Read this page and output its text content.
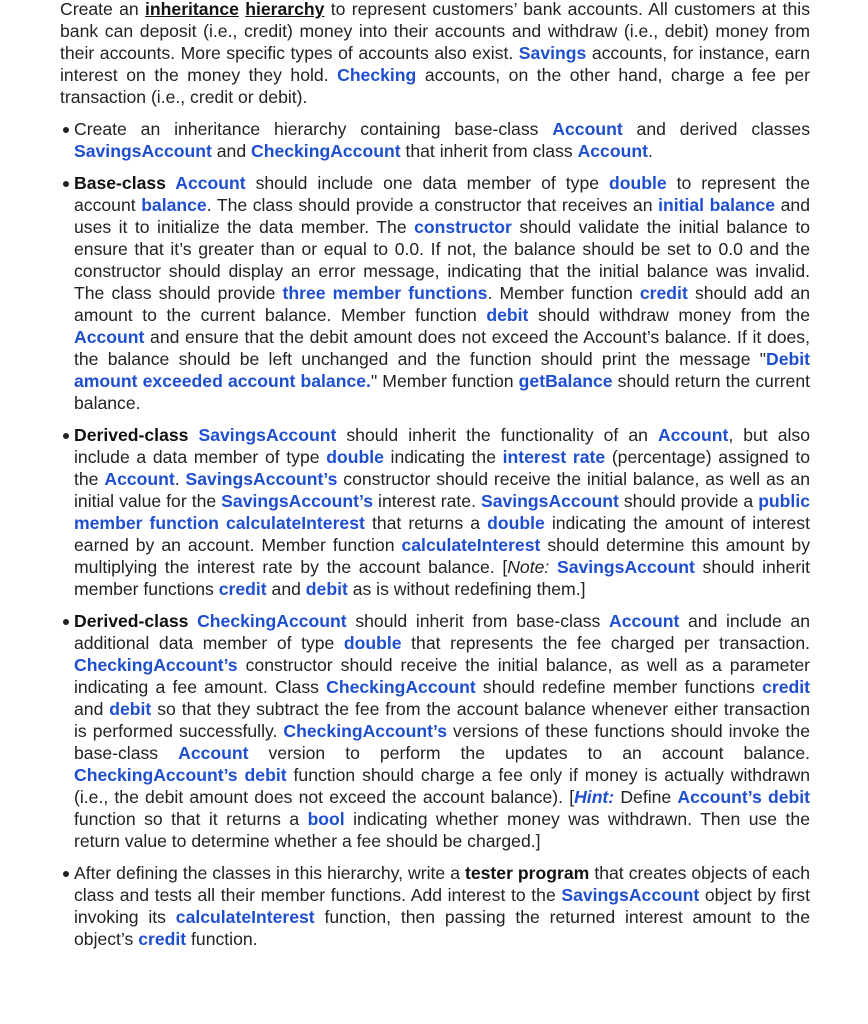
Create an inheritance hierarchy to represent customers’ bank accounts. All customers at this bank can deposit (i.e., credit) money into their accounts and withdraw (i.e., debit) money from their accounts. More specific types of accounts also exist. Savings accounts, for instance, earn interest on the money they hold. Checking accounts, on the other hand, charge a fee per transaction (i.e., credit or debit).

Create an inheritance hierarchy containing base-class Account and derived classes SavingsAccount and CheckingAccount that inherit from class Account.
Base-class Account should include one data member of type double to represent the account balance. The class should provide a constructor that receives an initial balance and uses it to initialize the data member. The constructor should validate the initial balance to ensure that it’s greater than or equal to 0.0. If not, the balance should be set to 0.0 and the constructor should display an error message, indicating that the initial balance was invalid. The class should provide three member functions. Member function credit should add an amount to the current balance. Member function debit should withdraw money from the Account and ensure that the debit amount does not exceed the Account’s balance. If it does, the balance should be left unchanged and the function should print the message "Debit amount exceeded account balance." Member function getBalance should return the current balance.
Derived-class SavingsAccount should inherit the functionality of an Account, but also include a data member of type double indicating the interest rate (percentage) assigned to the Account. SavingsAccount’s constructor should receive the initial balance, as well as an initial value for the SavingsAccount’s interest rate. SavingsAccount should provide a public member function calculateInterest that returns a double indicating the amount of interest earned by an account. Member function calculateInterest should determine this amount by multiplying the interest rate by the account balance. [Note: SavingsAccount should inherit member functions credit and debit as is without redefining them.]
Derived-class CheckingAccount should inherit from base-class Account and include an additional data member of type double that represents the fee charged per transaction. CheckingAccount’s constructor should receive the initial balance, as well as a parameter indicating a fee amount. Class CheckingAccount should redefine member functions credit and debit so that they subtract the fee from the account balance whenever either transaction is performed successfully. CheckingAccount’s versions of these functions should invoke the base-class Account version to perform the updates to an account balance. CheckingAccount’s debit function should charge a fee only if money is actually withdrawn (i.e., the debit amount does not exceed the account balance). [Hint: Define Account’s debit function so that it returns a bool indicating whether money was withdrawn. Then use the return value to determine whether a fee should be charged.]
After defining the classes in this hierarchy, write a tester program that creates objects of each class and tests all their member functions. Add interest to the SavingsAccount object by first invoking its calculateInterest function, then passing the returned interest amount to the object’s credit function.
